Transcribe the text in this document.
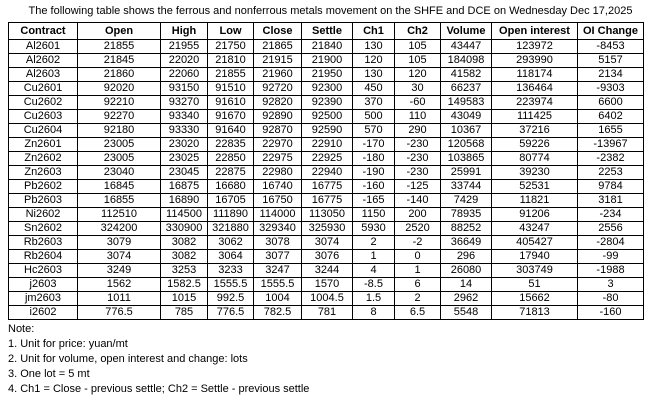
The following table shows the ferrous and nonferrous metals movement on the SHFE and DCE on Wednesday Dec 17,2025
Contract	Open	High	Low	Close	Settle	Ch1	Ch2	Volume	Open interest	OI Change
Al2601	21855	21955	21750	21865	21840	130	105	43447	123972	-8453
Al2602	21845	22020	21810	21915	21900	120	105	184098	293990	5157
Al2603	21860	22060	21855	21960	21950	130	120	41582	118174	2134
Cu2601	92020	93150	91510	92720	92300	450	30	66237	136464	-9303
Cu2602	92210	93270	91610	92820	92390	370	-60	149583	223974	6600
Cu2603	92270	93340	91670	92890	92500	500	110	43049	111425	6402
Cu2604	92180	93330	91640	92870	92590	570	290	10367	37216	1655
Zn2601	23005	23020	22835	22970	22910	-170	-230	120568	59226	-13967
Zn2602	23005	23025	22850	22975	22925	-180	-230	103865	80774	-2382
Zn2603	23040	23045	22875	22980	22940	-190	-230	25991	39230	2253
Pb2602	16845	16875	16680	16740	16775	-160	-125	33744	52531	9784
Pb2603	16855	16890	16705	16750	16775	-165	-140	7429	11821	3181
Ni2602	112510	114500	111890	114000	113050	1150	200	78935	91206	-234
Sn2602	324200	330900	321880	329340	325930	5930	2520	88252	43247	2556
Rb2603	3079	3082	3062	3078	3074	2	-2	36649	405427	-2804
Rb2604	3074	3082	3064	3077	3076	1	0	296	17940	-99
Hc2603	3249	3253	3233	3247	3244	4	1	26080	303749	-1988
j2603	1562	1582.5	1555.5	1555.5	1570	-8.5	6	14	51	3
jm2603	1011	1015	992.5	1004	1004.5	1.5	2	2962	15662	-80
i2602	776.5	785	776.5	782.5	781	8	6.5	5548	71813	-160
Note:
1. Unit for price: yuan/mt
2. Unit for volume, open interest and change: lots
3. One lot = 5 mt
4. Ch1 = Close - previous settle; Ch2 = Settle - previous settle
